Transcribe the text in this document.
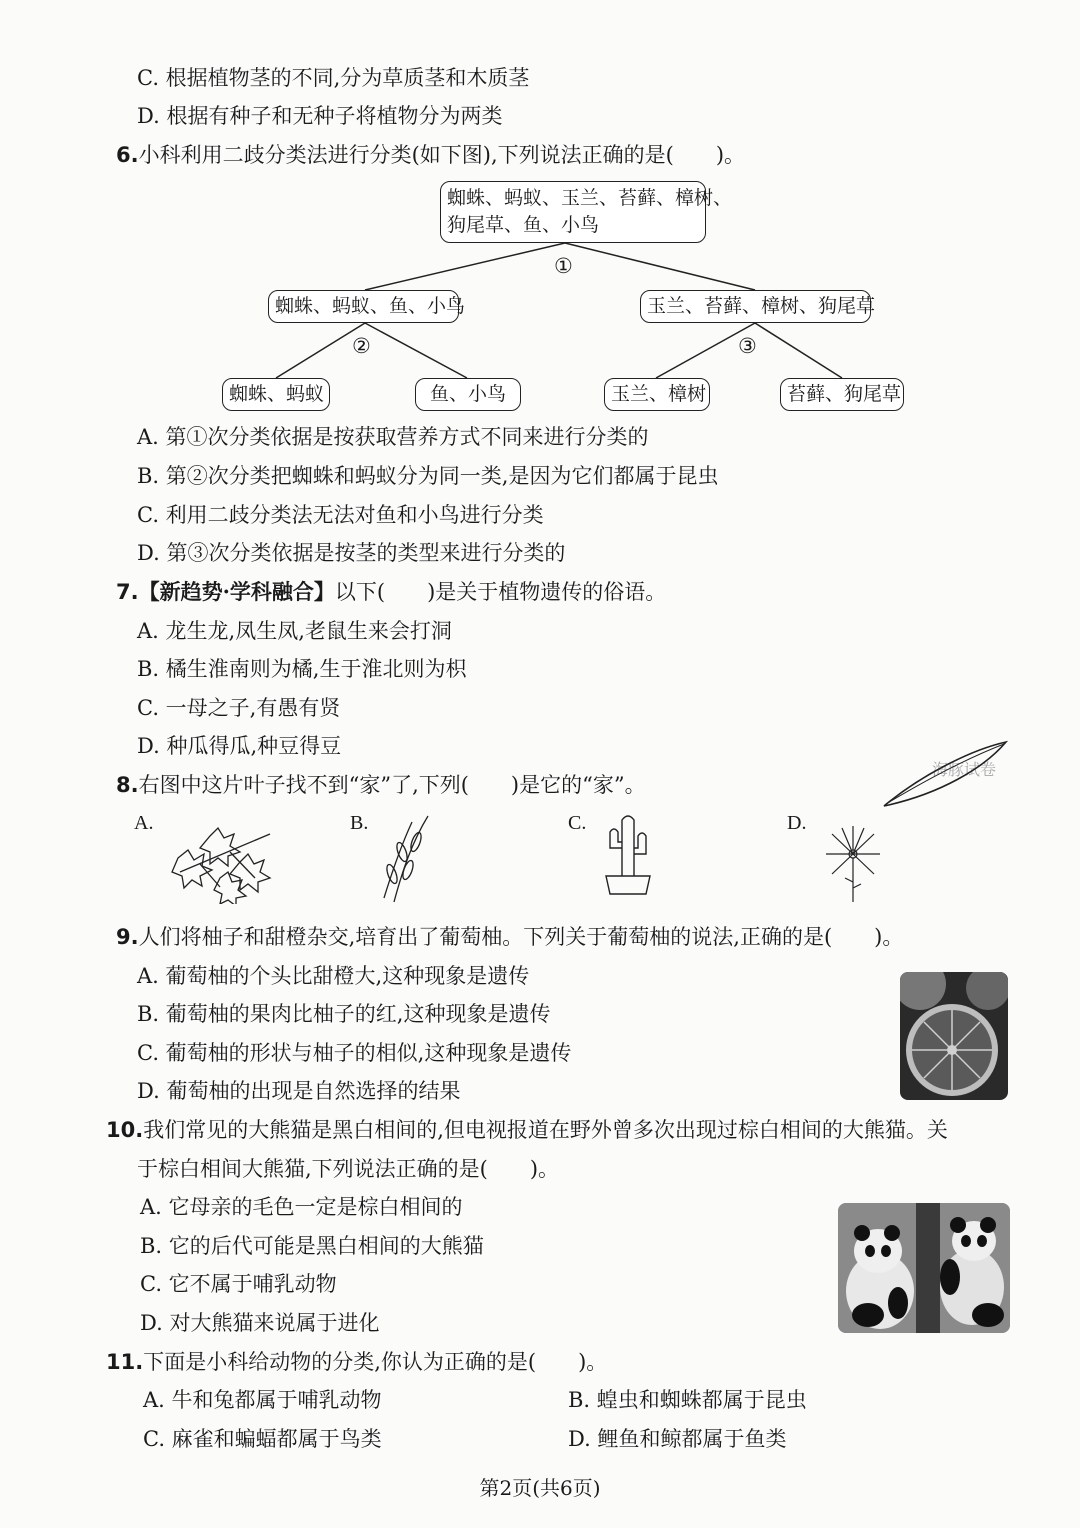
C. 根据植物茎的不同,分为草质茎和木质茎
D. 根据有种子和无种子将植物分为两类
6.小科利用二歧分类法进行分类(如下图),下列说法正确的是(　　)。
蜘蛛、蚂蚁、玉兰、苔藓、樟树、
狗尾草、鱼、小鸟
①
蜘蛛、蚂蚁、鱼、小鸟	玉兰、苔藓、樟树、狗尾草
②	③
蜘蛛、蚂蚁	鱼、小鸟	玉兰、樟树	苔藓、狗尾草
A. 第①次分类依据是按获取营养方式不同来进行分类的
B. 第②次分类把蜘蛛和蚂蚁分为同一类,是因为它们都属于昆虫
C. 利用二歧分类法无法对鱼和小鸟进行分类
D. 第③次分类依据是按茎的类型来进行分类的
7.【新趋势·学科融合】以下(　　)是关于植物遗传的俗语。
A. 龙生龙,凤生凤,老鼠生来会打洞
B. 橘生淮南则为橘,生于淮北则为枳
C. 一母之子,有愚有贤
D. 种瓜得瓜,种豆得豆
8.右图中这片叶子找不到“家”了,下列(　　)是它的“家”。
海豚试卷
A.	B.	C.	D.
9.人们将柚子和甜橙杂交,培育出了葡萄柚。下列关于葡萄柚的说法,正确的是(　　)。
A. 葡萄柚的个头比甜橙大,这种现象是遗传
B. 葡萄柚的果肉比柚子的红,这种现象是遗传
C. 葡萄柚的形状与柚子的相似,这种现象是遗传
D. 葡萄柚的出现是自然选择的结果
10.我们常见的大熊猫是黑白相间的,但电视报道在野外曾多次出现过棕白相间的大熊猫。关
于棕白相间大熊猫,下列说法正确的是(　　)。
A. 它母亲的毛色一定是棕白相间的
B. 它的后代可能是黑白相间的大熊猫
C. 它不属于哺乳动物
D. 对大熊猫来说属于进化
11.下面是小科给动物的分类,你认为正确的是(　　)。
A. 牛和兔都属于哺乳动物	B. 蝗虫和蜘蛛都属于昆虫
C. 麻雀和蝙蝠都属于鸟类	D. 鲤鱼和鲸都属于鱼类
第2页(共6页)
